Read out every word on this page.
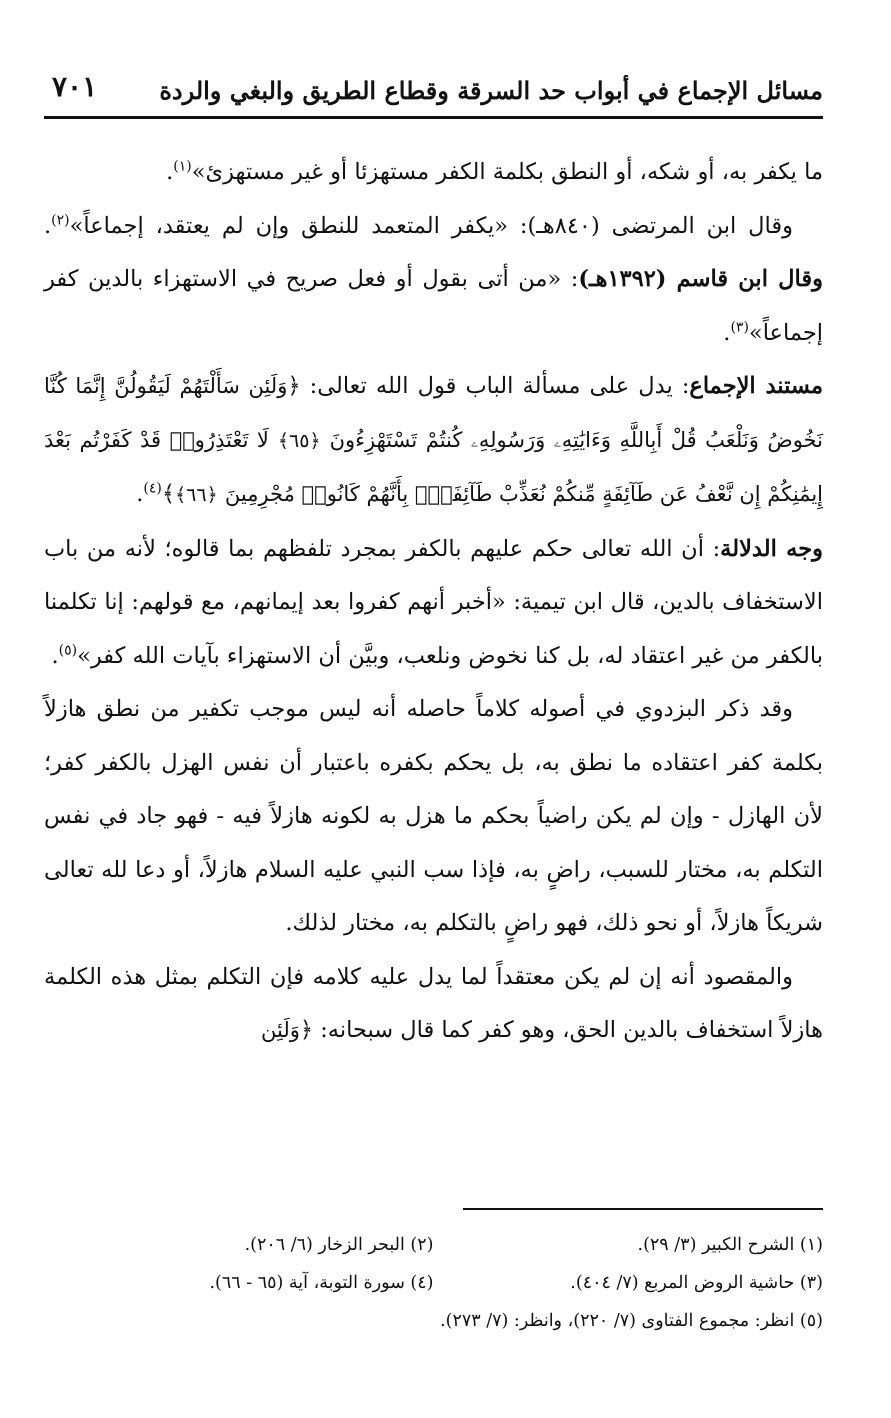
مسائل الإجماع في أبواب حد السرقة وقطاع الطريق والبغي والردة
٧٠١

ما يكفر به، أو شكه، أو النطق بكلمة الكفر مستهزئا أو غير مستهزئ»$^{(١)}$.

وقال ابن المرتضى (٨٤٠هـ): «يكفر المتعمد للنطق وإن لم يعتقد، إجماعاً»$^{(٢)}$. وقال ابن قاسم (١٣٩٢هـ): «من أتى بقول أو فعل صريح في الاستهزاء بالدين كفر إجماعاً»$^{(٣)}$.

مستند الإجماع: يدل على مسألة الباب قول الله تعالى: ﴿وَلَئِن سَأَلْتَهُمْ لَيَقُولُنَّ إِنَّمَا كُنَّا نَخُوضُ وَنَلْعَبُ قُلْ أَبِاللَّهِ وَءَايَٰتِهِۦ وَرَسُولِهِۦ كُنتُمْ تَسْتَهْزِءُونَ ﴿٦٥﴾ لَا تَعْتَذِرُوا۟ قَدْ كَفَرْتُم بَعْدَ إِيمَٰنِكُمْ إِن نَّعْفُ عَن طَآئِفَةٍ مِّنكُمْ نُعَذِّبْ طَآئِفَةًۢ بِأَنَّهُمْ كَانُوا۟ مُجْرِمِينَ ﴿٦٦﴾﴾$^{(٤)}$.

وجه الدلالة: أن الله تعالى حكم عليهم بالكفر بمجرد تلفظهم بما قالوه؛ لأنه من باب الاستخفاف بالدين، قال ابن تيمية: «أخبر أنهم كفروا بعد إيمانهم، مع قولهم: إنا تكلمنا بالكفر من غير اعتقاد له، بل كنا نخوض ونلعب، وبيَّن أن الاستهزاء بآيات الله كفر»$^{(٥)}$.

وقد ذكر البزدوي في أصوله كلاماً حاصله أنه ليس موجب تكفير من نطق هازلاً بكلمة كفر اعتقاده ما نطق به، بل يحكم بكفره باعتبار أن نفس الهزل بالكفر كفر؛ لأن الهازل - وإن لم يكن راضياً بحكم ما هزل به لكونه هازلاً فيه - فهو جاد في نفس التكلم به، مختار للسبب، راضٍ به، فإذا سب النبي عليه السلام هازلاً، أو دعا لله تعالى شريكاً هازلاً، أو نحو ذلك، فهو راضٍ بالتكلم به، مختار لذلك.

والمقصود أنه إن لم يكن معتقداً لما يدل عليه كلامه فإن التكلم بمثل هذه الكلمة هازلاً استخفاف بالدين الحق، وهو كفر كما قال سبحانه: ﴿وَلَئِن

(١) الشرح الكبير (٣/ ٢٩).
(٢) البحر الزخار (٦/ ٢٠٦).
(٣) حاشية الروض المربع (٧/ ٤٠٤).
(٤) سورة التوبة، آية (٦٥ - ٦٦).
(٥) انظر: مجموع الفتاوى (٧/ ٢٢٠)، وانظر: (٧/ ٢٧٣).
